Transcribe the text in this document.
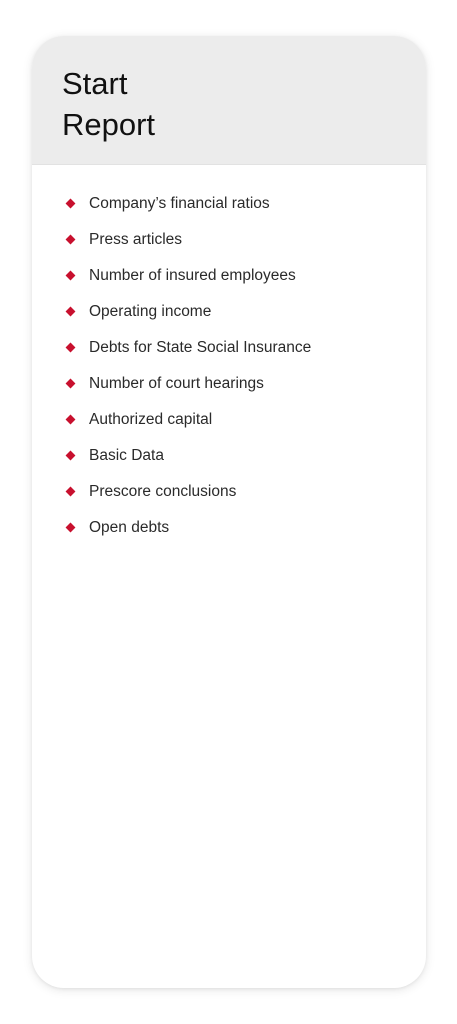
Start
Report
Company’s financial ratios
Press articles
Number of insured employees
Operating income
Debts for State Social Insurance
Number of court hearings
Authorized capital
Basic Data
Prescore conclusions
Open debts
